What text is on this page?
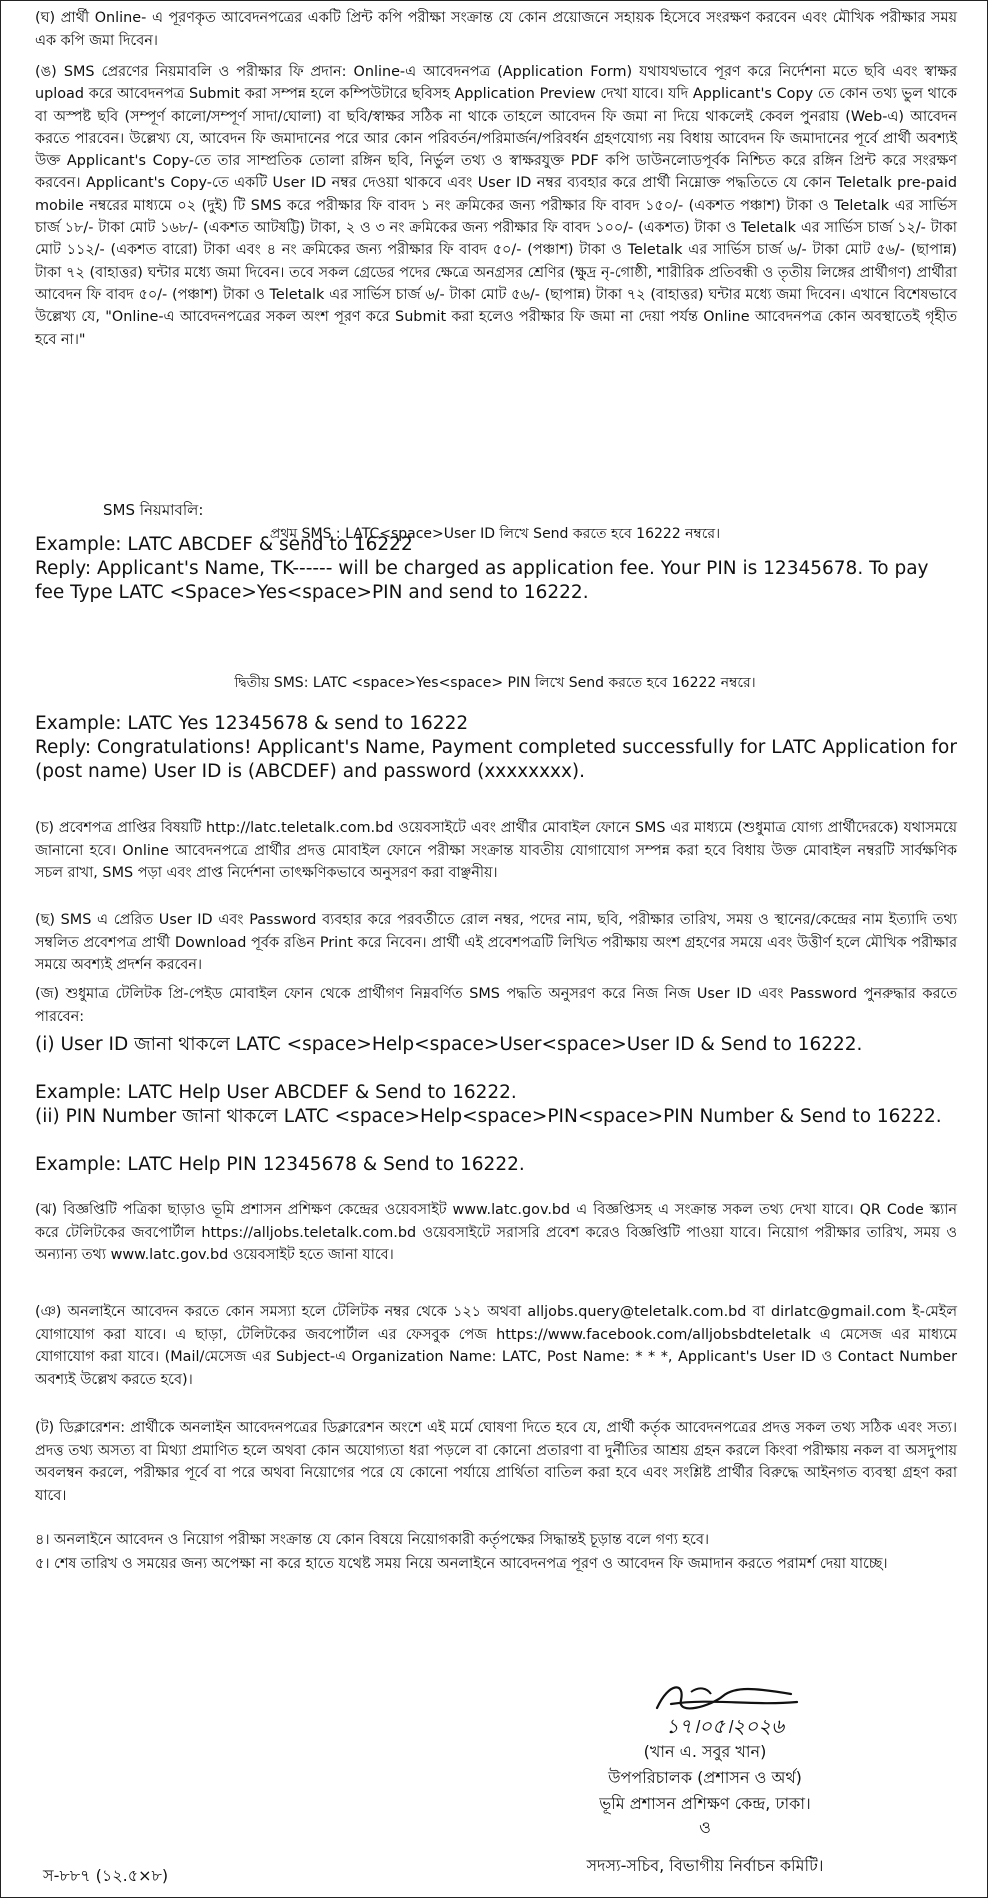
(ঘ) প্রার্থী Online- এ পূরণকৃত আবেদনপত্রের একটি প্রিন্ট কপি পরীক্ষা সংক্রান্ত যে কোন প্রয়োজনে সহায়ক হিসেবে সংরক্ষণ করবেন এবং মৌখিক পরীক্ষার সময় এক কপি জমা দিবেন।

(ঙ) SMS প্রেরণের নিয়মাবলি ও পরীক্ষার ফি প্রদান: Online-এ আবেদনপত্র (Application Form) যথাযথভাবে পূরণ করে নির্দেশনা মতে ছবি এবং স্বাক্ষর upload করে আবেদনপত্র Submit করা সম্পন্ন হলে কম্পিউটারে ছবিসহ Application Preview দেখা যাবে। যদি Applicant's Copy তে কোন তথ্য ভুল থাকে বা অস্পষ্ট ছবি (সম্পূর্ণ কালো/সম্পূর্ণ সাদা/ঘোলা) বা ছবি/স্বাক্ষর সঠিক না থাকে তাহলে আবেদন ফি জমা না দিয়ে থাকলেই কেবল পুনরায় (Web-এ) আবেদন করতে পারবেন। উল্লেখ্য যে, আবেদন ফি জমাদানের পরে আর কোন পরিবর্তন/পরিমার্জন/পরিবর্ধন গ্রহণযোগ্য নয় বিধায় আবেদন ফি জমাদানের পূর্বে প্রার্থী অবশ্যই উক্ত Applicant's Copy-তে তার সাম্প্রতিক তোলা রঙ্গিন ছবি, নির্ভুল তথ্য ও স্বাক্ষরযুক্ত PDF কপি ডাউনলোডপূর্বক নিশ্চিত করে রঙ্গিন প্রিন্ট করে সংরক্ষণ করবেন। Applicant's Copy-তে একটি User ID নম্বর দেওয়া থাকবে এবং User ID নম্বর ব্যবহার করে প্রার্থী নিম্নোক্ত পদ্ধতিতে যে কোন Teletalk pre-paid mobile নম্বরের মাধ্যমে ০২ (দুই) টি SMS করে পরীক্ষার ফি বাবদ ১ নং ক্রমিকের জন্য পরীক্ষার ফি বাবদ ১৫০/- (একশত পঞ্চাশ) টাকা ও Teletalk এর সার্ভিস চার্জ ১৮/- টাকা মোট ১৬৮/- (একশত আটষট্টি) টাকা, ২ ও ৩ নং ক্রমিকের জন্য পরীক্ষার ফি বাবদ ১০০/- (একশত) টাকা ও Teletalk এর সার্ভিস চার্জ ১২/- টাকা মোট ১১২/- (একশত বারো) টাকা এবং ৪ নং ক্রমিকের জন্য পরীক্ষার ফি বাবদ ৫০/- (পঞ্চাশ) টাকা ও Teletalk এর সার্ভিস চার্জ ৬/- টাকা মোট ৫৬/- (ছাপান্ন) টাকা ৭২ (বাহাত্তর) ঘন্টার মধ্যে জমা দিবেন। তবে সকল গ্রেডের পদের ক্ষেত্রে অনগ্রসর শ্রেণির (ক্ষুদ্র নৃ-গোষ্ঠী, শারীরিক প্রতিবন্ধী ও তৃতীয় লিঙ্গের প্রার্থীগণ) প্রার্থীরা আবেদন ফি বাবদ ৫০/- (পঞ্চাশ) টাকা ও Teletalk এর সার্ভিস চার্জ ৬/- টাকা মোট ৫৬/- (ছাপান্ন) টাকা ৭২ (বাহাত্তর) ঘন্টার মধ্যে জমা দিবেন। এখানে বিশেষভাবে উল্লেখ্য যে, "Online-এ আবেদনপত্রের সকল অংশ পূরণ করে Submit করা হলেও পরীক্ষার ফি জমা না দেয়া পর্যন্ত Online আবেদনপত্র কোন অবস্থাতেই গৃহীত হবে না।"

SMS নিয়মাবলি:

প্রথম SMS : LATC<space>User ID লিখে Send করতে হবে 16222 নম্বরে।

Example: LATC ABCDEF & send to 16222

Reply: Applicant's Name, TK------ will be charged as application fee. Your PIN is 12345678. To pay fee Type LATC <Space>Yes<space>PIN and send to 16222.

দ্বিতীয় SMS: LATC <space>Yes<space> PIN লিখে Send করতে হবে 16222 নম্বরে।

Example: LATC Yes 12345678 & send to 16222

Reply: Congratulations! Applicant's Name, Payment completed successfully for LATC Application for (post name) User ID is (ABCDEF) and password (xxxxxxxx).

(চ) প্রবেশপত্র প্রাপ্তির বিষয়টি http://latc.teletalk.com.bd ওয়েবসাইটে এবং প্রার্থীর মোবাইল ফোনে SMS এর মাধ্যমে (শুধুমাত্র যোগ্য প্রার্থীদেরকে) যথাসময়ে জানানো হবে। Online আবেদনপত্রে প্রার্থীর প্রদত্ত মোবাইল ফোনে পরীক্ষা সংক্রান্ত যাবতীয় যোগাযোগ সম্পন্ন করা হবে বিধায় উক্ত মোবাইল নম্বরটি সার্বক্ষণিক সচল রাখা, SMS পড়া এবং প্রাপ্ত নির্দেশনা তাৎক্ষণিকভাবে অনুসরণ করা বাঞ্ছনীয়।

(ছ) SMS এ প্রেরিত User ID এবং Password ব্যবহার করে পরবর্তীতে রোল নম্বর, পদের নাম, ছবি, পরীক্ষার তারিখ, সময় ও স্থানের/কেন্দ্রের নাম ইত্যাদি তথ্য সম্বলিত প্রবেশপত্র প্রার্থী Download পূর্বক রঙিন Print করে নিবেন। প্রার্থী এই প্রবেশপত্রটি লিখিত পরীক্ষায় অংশ গ্রহণের সময়ে এবং উত্তীর্ণ হলে মৌখিক পরীক্ষার সময়ে অবশ্যই প্রদর্শন করবেন।

(জ) শুধুমাত্র টেলিটক প্রি-পেইড মোবাইল ফোন থেকে প্রার্থীগণ নিম্নবর্ণিত SMS পদ্ধতি অনুসরণ করে নিজ নিজ User ID এবং Password পুনরুদ্ধার করতে পারবেন:

(i) User ID জানা থাকলে LATC <space>Help<space>User<space>User ID & Send to 16222.

Example: LATC Help User ABCDEF & Send to 16222.

(ii) PIN Number জানা থাকলে LATC <space>Help<space>PIN<space>PIN Number & Send to 16222.

Example: LATC Help PIN 12345678 & Send to 16222.

(ঝ) বিজ্ঞপ্তিটি পত্রিকা ছাড়াও ভূমি প্রশাসন প্রশিক্ষণ কেন্দ্রের ওয়েবসাইট www.latc.gov.bd এ বিজ্ঞপ্তিসহ এ সংক্রান্ত সকল তথ্য দেখা যাবে। QR Code স্ক্যান করে টেলিটকের জবপোর্টাল https://alljobs.teletalk.com.bd ওয়েবসাইটে সরাসরি প্রবেশ করেও বিজ্ঞপ্তিটি পাওয়া যাবে। নিয়োগ পরীক্ষার তারিখ, সময় ও অন্যান্য তথ্য www.latc.gov.bd ওয়েবসাইট হতে জানা যাবে।

(ঞ) অনলাইনে আবেদন করতে কোন সমস্যা হলে টেলিটক নম্বর থেকে ১২১ অথবা alljobs.query@teletalk.com.bd বা dirlatc@gmail.com ই-মেইল যোগাযোগ করা যাবে। এ ছাড়া, টেলিটকের জবপোর্টাল এর ফেসবুক পেজ https://www.facebook.com/alljobsbdteletalk এ মেসেজ এর মাধ্যমে যোগাযোগ করা যাবে। (Mail/মেসেজ এর Subject-এ Organization Name: LATC, Post Name: * * *, Applicant's User ID ও Contact Number অবশ্যই উল্লেখ করতে হবে)।

(ট) ডিক্লারেশন: প্রার্থীকে অনলাইন আবেদনপত্রের ডিক্লারেশন অংশে এই মর্মে ঘোষণা দিতে হবে যে, প্রার্থী কর্তৃক আবেদনপত্রের প্রদত্ত সকল তথ্য সঠিক এবং সত্য। প্রদত্ত তথ্য অসত্য বা মিথ্যা প্রমাণিত হলে অথবা কোন অযোগ্যতা ধরা পড়লে বা কোনো প্রতারণা বা দুর্নীতির আশ্রয় গ্রহন করলে কিংবা পরীক্ষায় নকল বা অসদুপায় অবলম্বন করলে, পরীক্ষার পূর্বে বা পরে অথবা নিয়োগের পরে যে কোনো পর্যায়ে প্রার্থিতা বাতিল করা হবে এবং সংশ্লিষ্ট প্রার্থীর বিরুদ্ধে আইনগত ব্যবস্থা গ্রহণ করা যাবে।

৪। অনলাইনে আবেদন ও নিয়োগ পরীক্ষা সংক্রান্ত যে কোন বিষয়ে নিয়োগকারী কর্তৃপক্ষের সিদ্ধান্তই চূড়ান্ত বলে গণ্য হবে।

৫। শেষ তারিখ ও সময়ের জন্য অপেক্ষা না করে হাতে যথেষ্ট সময় নিয়ে অনলাইনে আবেদনপত্র পূরণ ও আবেদন ফি জমাদান করতে পরামর্শ দেয়া যাচ্ছে।

১৭।০৫।২০২৬
(খান এ. সবুর খান)
উপপরিচালক (প্রশাসন ও অর্থ)
ভূমি প্রশাসন প্রশিক্ষণ কেন্দ্র, ঢাকা।
ও
সদস্য-সচিব, বিভাগীয় নির্বাচন কমিটি।
স-৮৮৭ (১২.৫×৮)
